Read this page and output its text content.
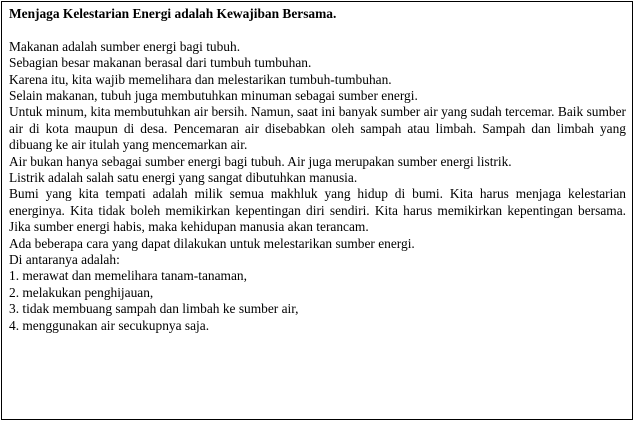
Menjaga Kelestarian Energi adalah Kewajiban Bersama.

Makanan adalah sumber energi bagi tubuh.

Sebagian besar makanan berasal dari tumbuh tumbuhan.

Karena itu, kita wajib memelihara dan melestarikan tumbuh-tumbuhan.

Selain makanan, tubuh juga membutuhkan minuman sebagai sumber energi.

Untuk minum, kita membutuhkan air bersih. Namun, saat ini banyak sumber air yang sudah tercemar. Baik sumber air di kota maupun di desa. Pencemaran air disebabkan oleh sampah atau limbah. Sampah dan limbah yang dibuang ke air itulah yang mencemarkan air.

Air bukan hanya sebagai sumber energi bagi tubuh. Air juga merupakan sumber energi listrik.

Listrik adalah salah satu energi yang sangat dibutuhkan manusia.

Bumi yang kita tempati adalah milik semua makhluk yang hidup di bumi. Kita harus menjaga kelestarian energinya. Kita tidak boleh memikirkan kepentingan diri sendiri. Kita harus memikirkan kepentingan bersama. Jika sumber energi habis, maka kehidupan manusia akan terancam.

Ada beberapa cara yang dapat dilakukan untuk melestarikan sumber energi.

Di antaranya adalah:

1. merawat dan memelihara tanam-tanaman,

2. melakukan penghijauan,

3. tidak membuang sampah dan limbah ke sumber air,

4. menggunakan air secukupnya saja.
